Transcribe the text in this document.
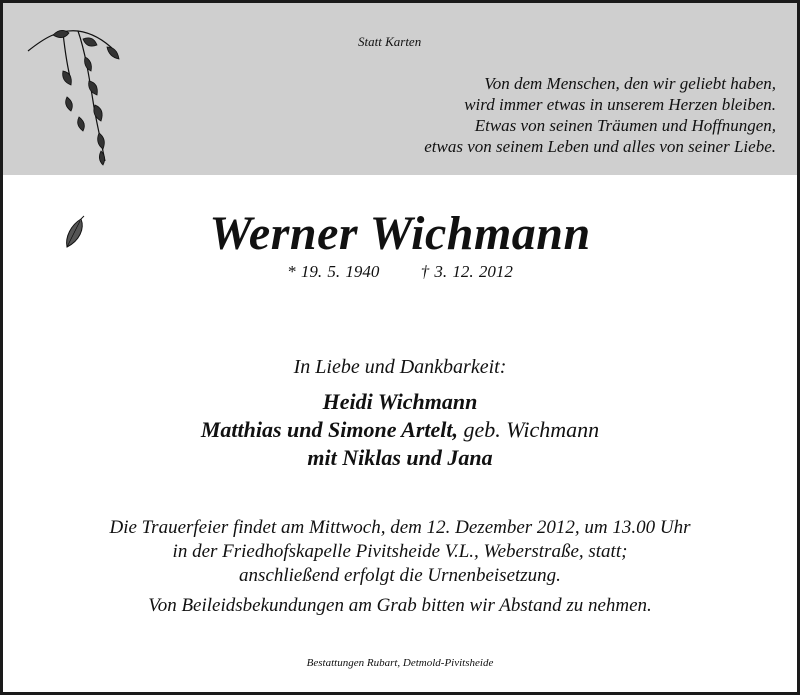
Statt Karten
Von dem Menschen, den wir geliebt haben,
wird immer etwas in unserem Herzen bleiben.
Etwas von seinen Träumen und Hoffnungen,
etwas von seinem Leben und alles von seiner Liebe.
Werner Wichmann
* 19. 5. 1940 † 3. 12. 2012
In Liebe und Dankbarkeit:
Heidi Wichmann
Matthias und Simone Artelt, geb. Wichmann
mit Niklas und Jana
Die Trauerfeier findet am Mittwoch, dem 12. Dezember 2012, um 13.00 Uhr
in der Friedhofskapelle Pivitsheide V.L., Weberstraße, statt;
anschließend erfolgt die Urnenbeisetzung.
Von Beileidsbekundungen am Grab bitten wir Abstand zu nehmen.
Bestattungen Rubart, Detmold-Pivitsheide
